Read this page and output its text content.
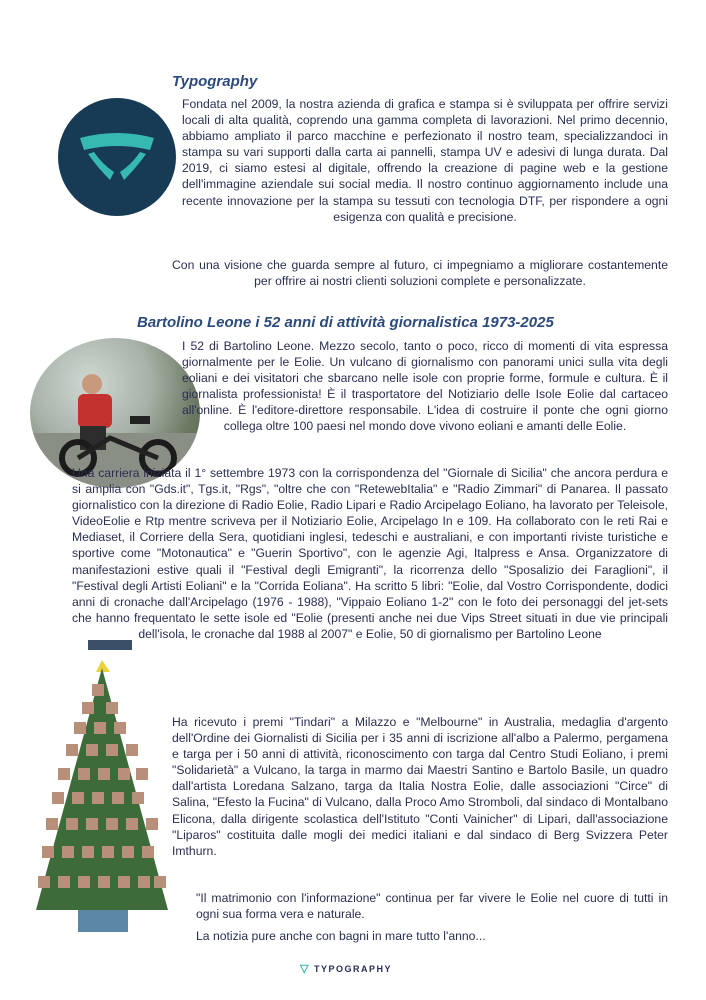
Typography

Fondata nel 2009, la nostra azienda di grafica e stampa si è sviluppata per offrire servizi locali di alta qualità, coprendo una gamma completa di lavorazioni. Nel primo decennio, abbiamo ampliato il parco macchine e perfezionato il nostro team, specializzandoci in stampa su vari supporti dalla carta ai pannelli, stampa UV e adesivi di lunga durata. Dal 2019, ci siamo estesi al digitale, offrendo la creazione di pagine web e la gestione dell'immagine aziendale sui social media. Il nostro continuo aggiornamento include una recente innovazione per la stampa su tessuti con tecnologia DTF, per rispondere a ogni esigenza con qualità e precisione.

Con una visione che guarda sempre al futuro, ci impegniamo a migliorare costantemente per offrire ai nostri clienti soluzioni complete e personalizzate.

Bartolino Leone i 52 anni di attività giornalistica 1973-2025

I 52 di Bartolino Leone. Mezzo secolo, tanto o poco, ricco di momenti di vita espressa giornalmente per le Eolie. Un vulcano di giornalismo con panorami unici sulla vita degli eoliani e dei visitatori che sbarcano nelle isole con proprie forme, formule e cultura. È il giornalista professionista! È il trasportatore del Notiziario delle Isole Eolie dal cartaceo all'online. È l'editore-direttore responsabile. L'idea di costruire il ponte che ogni giorno collega oltre 100 paesi nel mondo dove vivono eoliani e amanti delle Eolie.

Una carriera iniziata il 1° settembre 1973 con la corrispondenza del "Giornale di Sicilia" che ancora perdura e si amplia con "Gds.it", Tgs.it, "Rgs", "oltre che con "RetewebItalia" e "Radio Zimmari" di Panarea. Il passato giornalistico con la direzione di Radio Eolie, Radio Lipari e Radio Arcipelago Eoliano, ha lavorato per Teleisole, VideoEolie e Rtp mentre scriveva per il Notiziario Eolie, Arcipelago In e 109. Ha collaborato con le reti Rai e Mediaset, il Corriere della Sera, quotidiani inglesi, tedeschi e australiani, e con importanti riviste turistiche e sportive come "Motonautica" e "Guerin Sportivo", con le agenzie Agi, Italpress e Ansa. Organizzatore di manifestazioni estive quali il "Festival degli Emigranti", la ricorrenza dello "Sposalizio dei Faraglioni", il "Festival degli Artisti Eoliani" e la "Corrida Eoliana". Ha scritto 5 libri: "Eolie, dal Vostro Corrispondente, dodici anni di cronache dall'Arcipelago (1976 - 1988), "Vippaio Eoliano 1-2" con le foto dei personaggi del jet-sets che hanno frequentato le sette isole ed "Eolie (presenti anche nei due Vips Street situati in due vie principali dell'isola, le cronache dal 1988 al 2007" e Eolie, 50 di giornalismo per Bartolino Leone

Ha ricevuto i premi "Tindari" a Milazzo e "Melbourne" in Australia, medaglia d'argento dell'Ordine dei Giornalisti di Sicilia per i 35 anni di iscrizione all'albo a Palermo, pergamena e targa per i 50 anni di attività, riconoscimento con targa dal Centro Studi Eoliano, i premi "Solidarietà" a Vulcano, la targa in marmo dai Maestri Santino e Bartolo Basile, un quadro dall'artista Loredana Salzano, targa da Italia Nostra Eolie, dalle associazioni "Circe" di Salina, "Efesto la Fucina" di Vulcano, dalla Proco Amo Stromboli, dal sindaco di Montalbano Elicona, dalla dirigente scolastica dell'Istituto "Conti Vainicher" di Lipari, dall'associazione "Liparos" costituita dalle mogli dei medici italiani e dal sindaco di Berg Svizzera Peter Imthurn.

"Il matrimonio con l'informazione" continua per far vivere le Eolie nel cuore di tutti in ogni sua forma vera e naturale.

La notizia pure anche con bagni in mare tutto l'anno...

▽ TYPOGRAPHY
